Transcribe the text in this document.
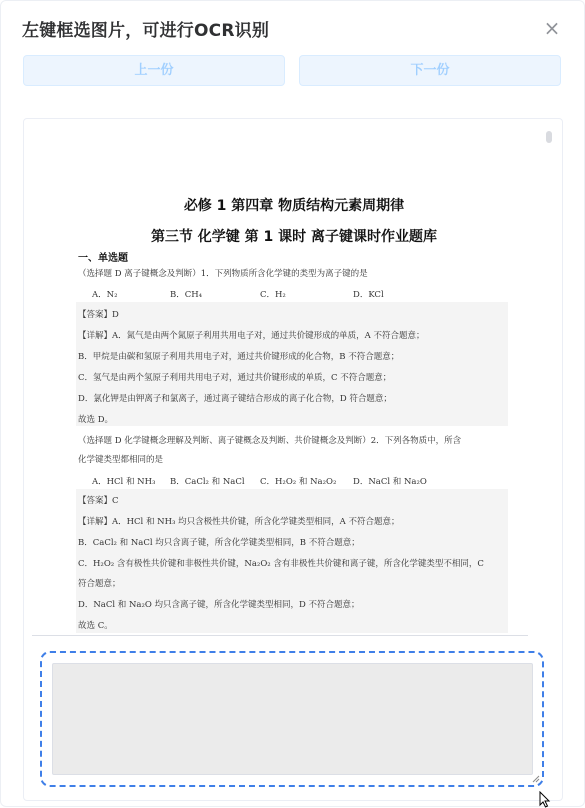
左键框选图片，可进行OCR识别	×
上一份	下一份
必修 1 第四章 物质结构元素周期律
第三节 化学键 第 1 课时 离子键课时作业题库
一、单选题
（选择题 D 离子键概念及判断）1．下列物质所含化学键的类型为离子键的是
A．N₂	B．CH₄	C．H₂	D．KCl
【答案】D
【详解】A．氮气是由两个氮原子利用共用电子对，通过共价键形成的单质，A 不符合题意；
B．甲烷是由碳和氢原子利用共用电子对，通过共价键形成的化合物，B 不符合题意；
C．氢气是由两个氢原子利用共用电子对，通过共价键形成的单质，C 不符合题意；
D．氯化钾是由钾离子和氯离子，通过离子键结合形成的离子化合物，D 符合题意；
故选 D。
（选择题 D 化学键概念理解及判断、离子键概念及判断、共价键概念及判断）2．下列各物质中，所含
化学键类型都相同的是
A．HCl 和 NH₃ B．CaCl₂ 和 NaCl C．H₂O₂ 和 Na₂O₂ D．NaCl 和 Na₂O
【答案】C
【详解】A．HCl 和 NH₃ 均只含极性共价键，所含化学键类型相同，A 不符合题意；
B．CaCl₂ 和 NaCl 均只含离子键，所含化学键类型相同，B 不符合题意；
C．H₂O₂ 含有极性共价键和非极性共价键，Na₂O₂ 含有非极性共价键和离子键，所含化学键类型不相同，C
符合题意；
D．NaCl 和 Na₂O 均只含离子键，所含化学键类型相同，D 不符合题意；
故选 C。
